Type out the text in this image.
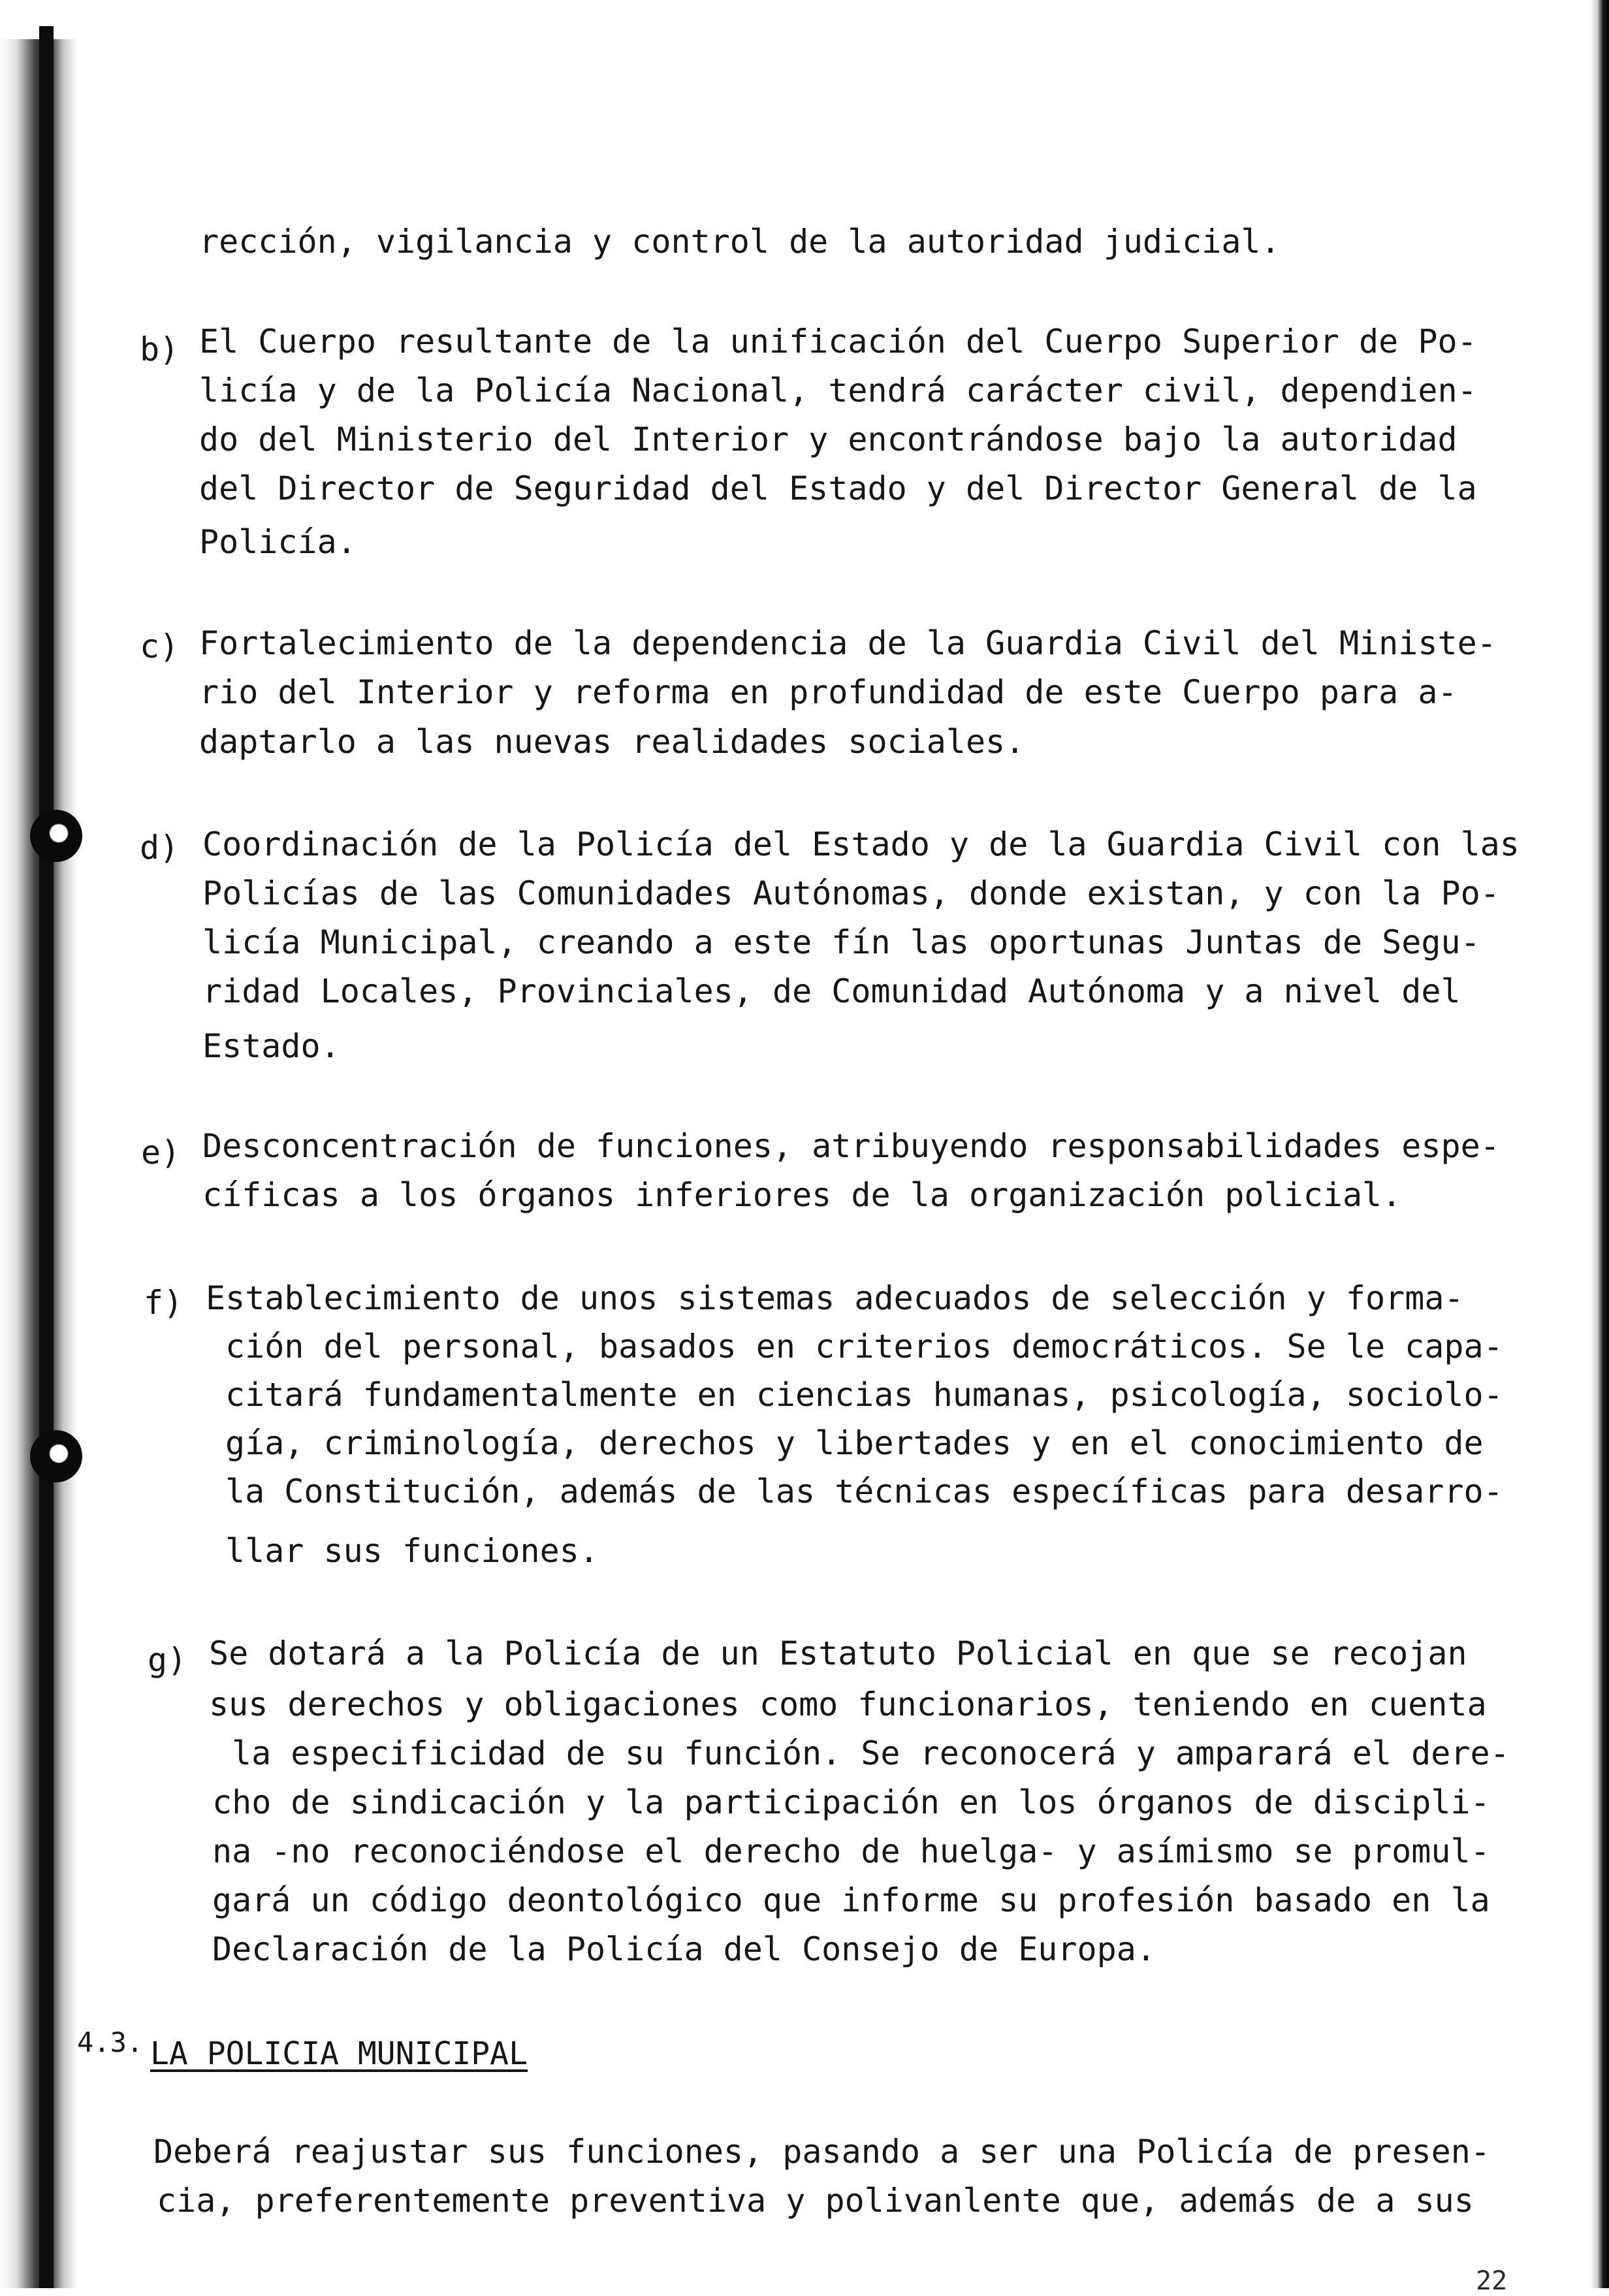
rección, vigilancia y control de la autoridad judicial.
b) El Cuerpo resultante de la unificación del Cuerpo Superior de Po-
licía y de la Policía Nacional, tendrá carácter civil, dependien-
do del Ministerio del Interior y encontrándose bajo la autoridad
del Director de Seguridad del Estado y del Director General de la
Policía.
c) Fortalecimiento de la dependencia de la Guardia Civil del Ministe-
rio del Interior y reforma en profundidad de este Cuerpo para a-
daptarlo a las nuevas realidades sociales.
d) Coordinación de la Policía del Estado y de la Guardia Civil con las
Policías de las Comunidades Autónomas, donde existan, y con la Po-
licía Municipal, creando a este fín las oportunas Juntas de Segu-
ridad Locales, Provinciales, de Comunidad Autónoma y a nivel del
Estado.
e) Desconcentración de funciones, atribuyendo responsabilidades espe-
cíficas a los órganos inferiores de la organización policial.
f) Establecimiento de unos sistemas adecuados de selección y forma-
ción del personal, basados en criterios democráticos. Se le capa-
citará fundamentalmente en ciencias humanas, psicología, sociolo-
gía, criminología, derechos y libertades y en el conocimiento de
la Constitución, además de las técnicas específicas para desarro-
llar sus funciones.
g) Se dotará a la Policía de un Estatuto Policial en que se recojan
sus derechos y obligaciones como funcionarios, teniendo en cuenta
la especificidad de su función. Se reconocerá y amparará el dere-
cho de sindicación y la participación en los órganos de discipli-
na -no reconociéndose el derecho de huelga- y asímismo se promul-
gará un código deontológico que informe su profesión basado en la
Declaración de la Policía del Consejo de Europa.
4.3. LA POLICIA MUNICIPAL
Deberá reajustar sus funciones, pasando a ser una Policía de presen-
cia, preferentemente preventiva y polivanlente que, además de a sus
22
